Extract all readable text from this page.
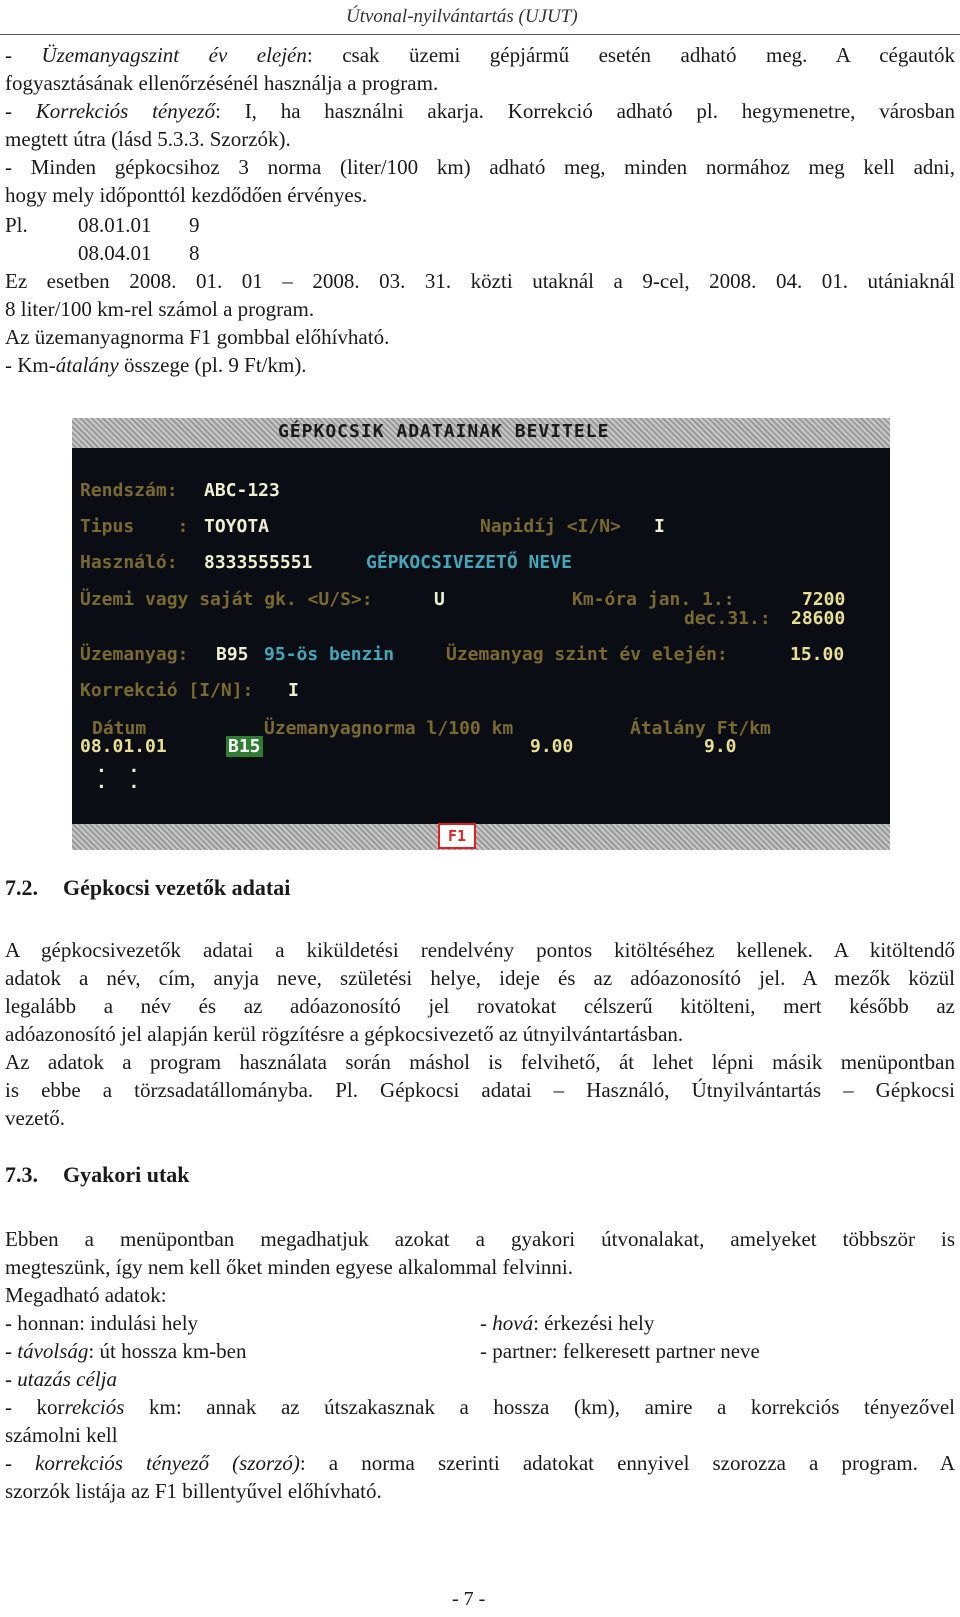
Útvonal-nyilvántartás (UJUT)
- Üzemanyagszint év elején: csak üzemi gépjármű esetén adható meg. A cégautók
fogyasztásának ellenőrzésénél használja a program.
- Korrekciós tényező: I, ha használni akarja. Korrekció adható pl. hegymenetre, városban
megtett útra (lásd 5.3.3. Szorzók).
- Minden gépkocsihoz 3 norma (liter/100 km) adható meg, minden normához meg kell adni,
hogy mely időponttól kezdődően érvényes.
Pl. 08.01.01 9
08.04.01 8
Ez esetben 2008. 01. 01 – 2008. 03. 31. közti utaknál a 9-cel, 2008. 04. 01. utániaknál
8 liter/100 km-rel számol a program.
Az üzemanyagnorma F1 gombbal előhívható.
- Km-átalány összege (pl. 9 Ft/km).
GÉPKOCSIK ADATAINAK BEVITELE
Rendszám: ABC-123
Tipus    : TOYOTA	Napidíj <I/N> I
Használó: 8333555551	GÉPKOCSIVEZETŐ NEVE
Üzemi vagy saját gk. <U/S>:	U	Km-óra jan. 1.:	7200
dec.31.: 28600
Üzemanyag: B95 95-ös benzin	Üzemanyag szint év elején:	15.00
Korrekció [I/N]: I
Dátum	Üzemanyagnorma l/100 km	Átalány Ft/km
08.01.01	B15	9.00	9.0
.  .
.  .
F1
7.2. Gépkocsi vezetők adatai
A gépkocsivezetők adatai a kiküldetési rendelvény pontos kitöltéséhez kellenek. A kitöltendő
adatok a név, cím, anyja neve, születési helye, ideje és az adóazonosító jel. A mezők közül
legalább a név és az adóazonosító jel rovatokat célszerű kitölteni, mert később az
adóazonosító jel alapján kerül rögzítésre a gépkocsivezető az útnyilvántartásban.
Az adatok a program használata során máshol is felvihető, át lehet lépni másik menüpontban
is ebbe a törzsadatállományba. Pl. Gépkocsi adatai – Használó, Útnyilvántartás – Gépkocsi
vezető.
7.3. Gyakori utak
Ebben a menüpontban megadhatjuk azokat a gyakori útvonalakat, amelyeket többször is
megteszünk, így nem kell őket minden egyese alkalommal felvinni.
Megadható adatok:
- honnan: indulási hely	- hová: érkezési hely
- távolság: út hossza km-ben	- partner: felkeresett partner neve
- utazás célja
- korrekciós km: annak az útszakasznak a hossza (km), amire a korrekciós tényezővel
számolni kell
- korrekciós tényező (szorzó): a norma szerinti adatokat ennyivel szorozza a program. A
szorzók listája az F1 billentyűvel előhívható.
- 7 -
